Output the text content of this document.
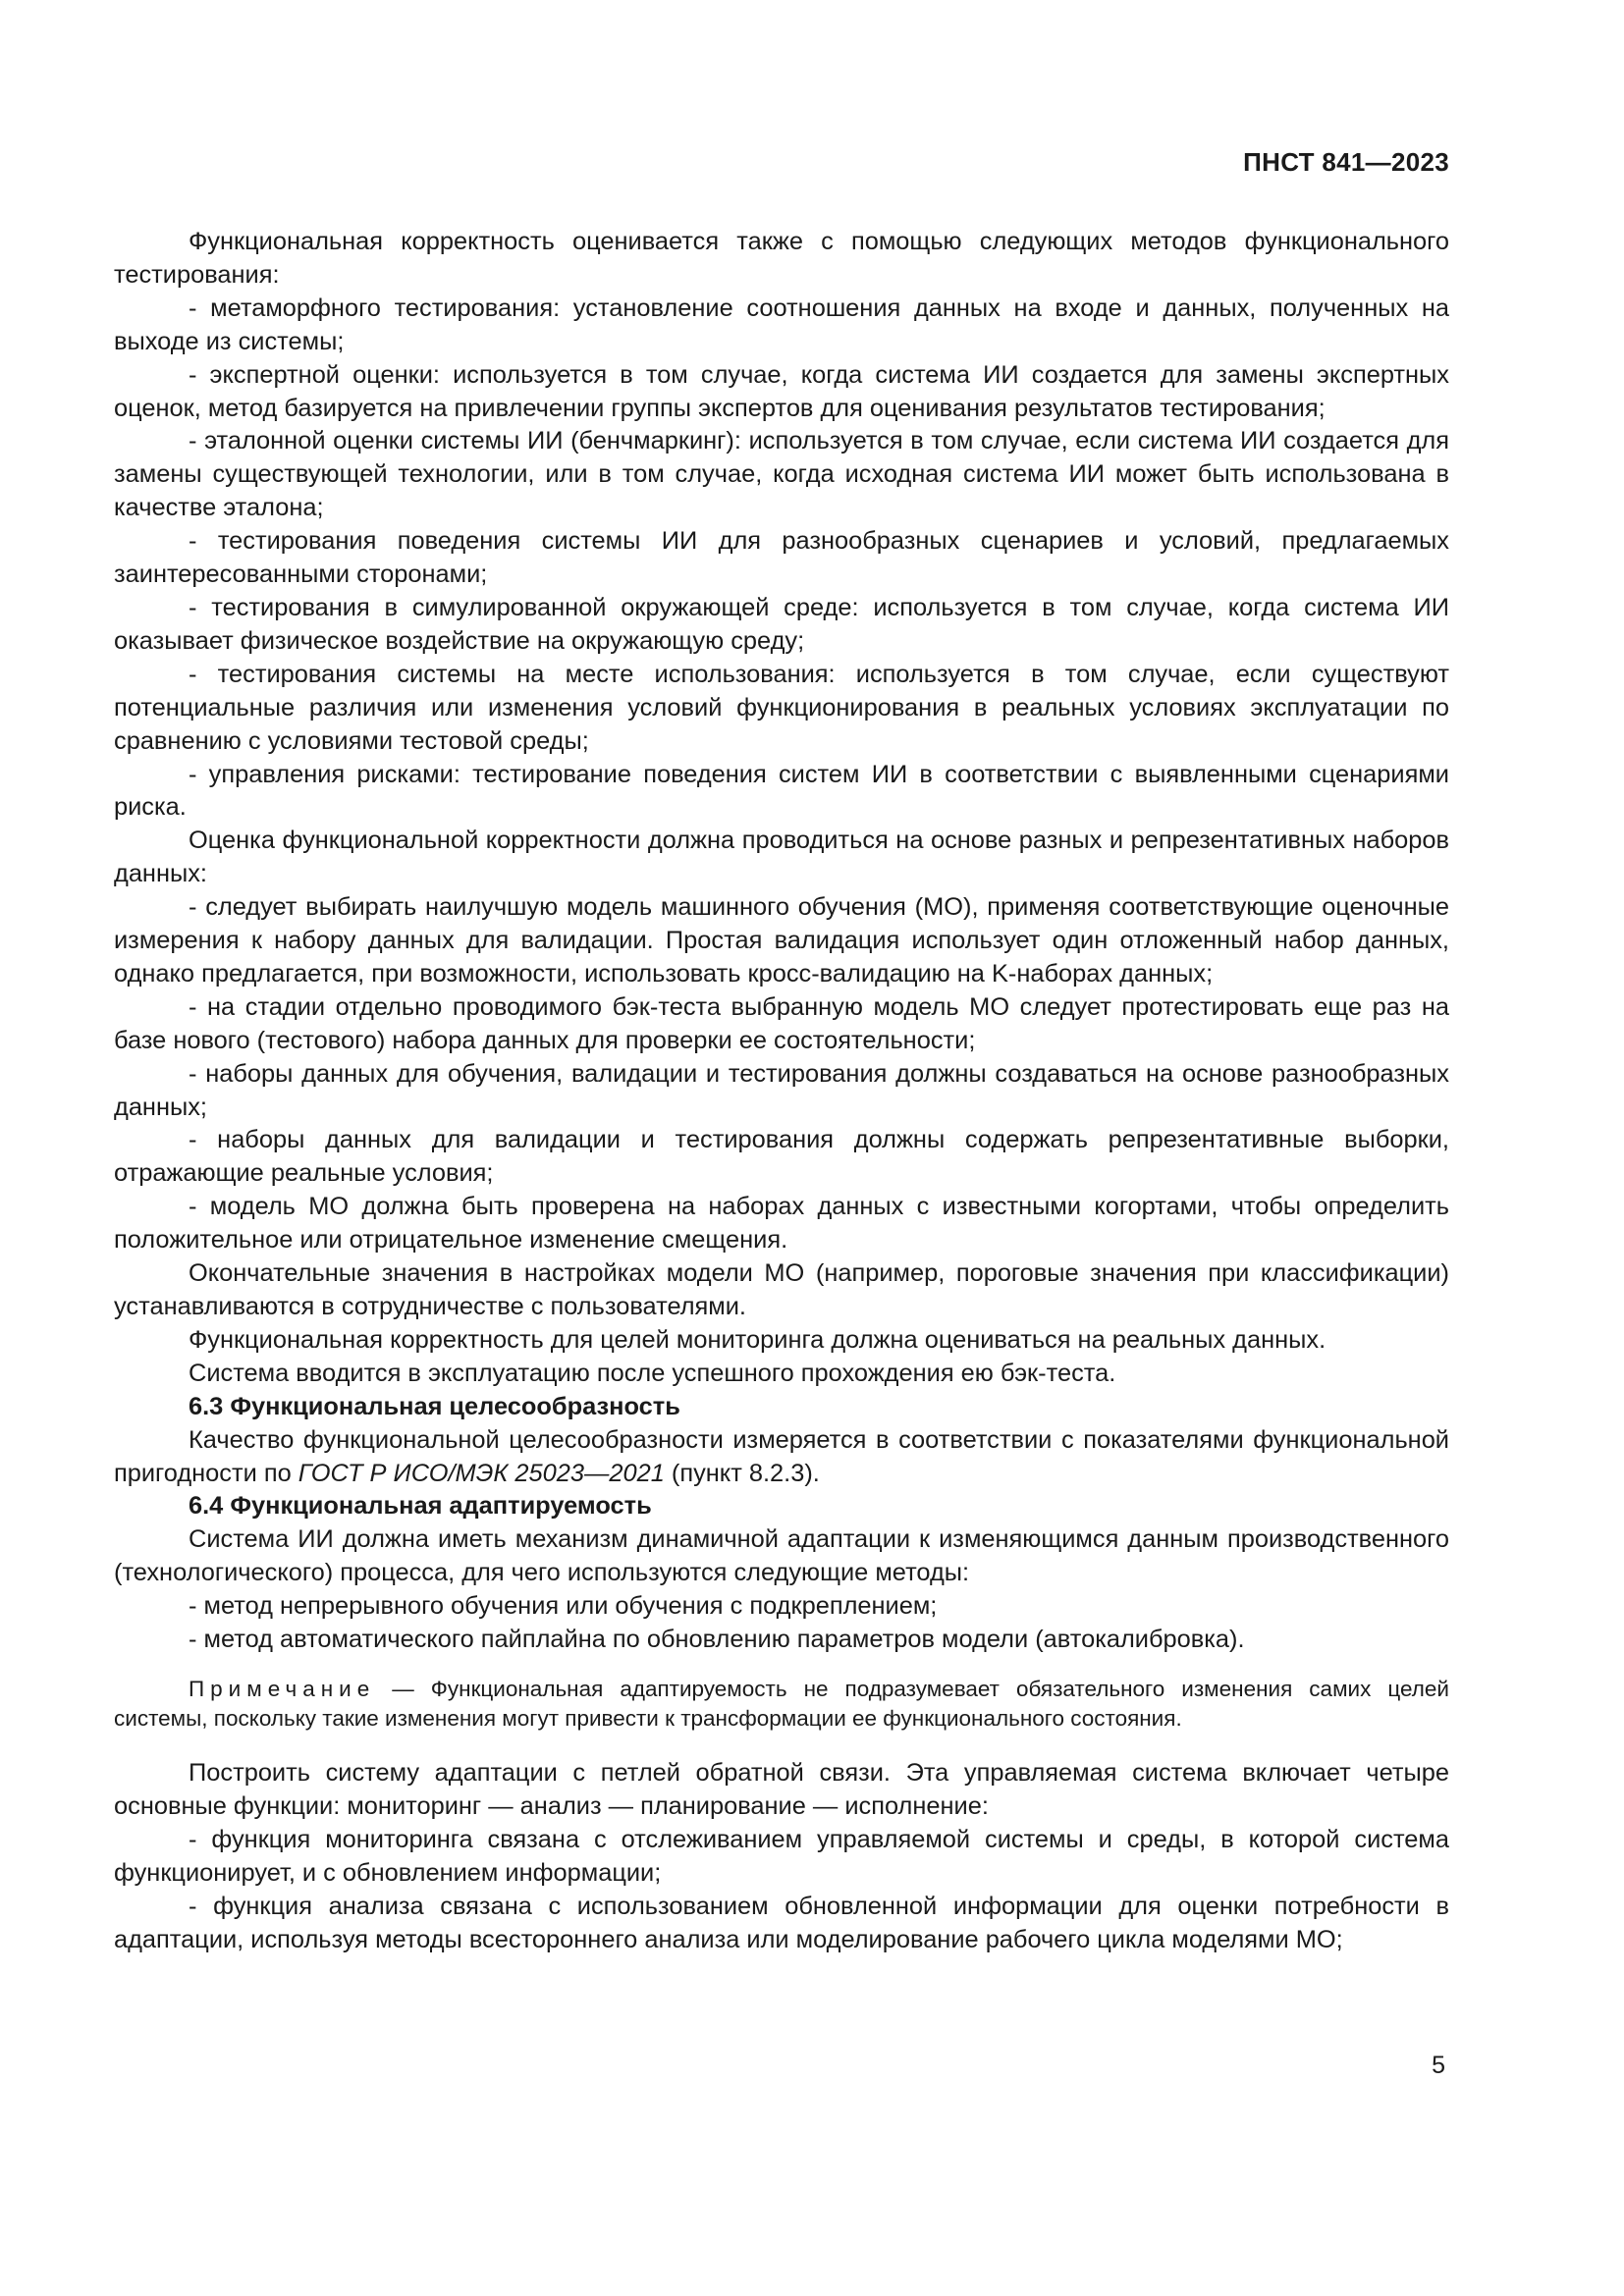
ПНСТ 841—2023

Функциональная корректность оценивается также с помощью следующих методов функционального тестирования:

- метаморфного тестирования: установление соотношения данных на входе и данных, полученных на выходе из системы;

- экспертной оценки: используется в том случае, когда система ИИ создается для замены экспертных оценок, метод базируется на привлечении группы экспертов для оценивания результатов тестирования;

- эталонной оценки системы ИИ (бенчмаркинг): используется в том случае, если система ИИ создается для замены существующей технологии, или в том случае, когда исходная система ИИ может быть использована в качестве эталона;

- тестирования поведения системы ИИ для разнообразных сценариев и условий, предлагаемых заинтересованными сторонами;

- тестирования в симулированной окружающей среде: используется в том случае, когда система ИИ оказывает физическое воздействие на окружающую среду;

- тестирования системы на месте использования: используется в том случае, если существуют потенциальные различия или изменения условий функционирования в реальных условиях эксплуатации по сравнению с условиями тестовой среды;

- управления рисками: тестирование поведения систем ИИ в соответствии с выявленными сценариями риска.

Оценка функциональной корректности должна проводиться на основе разных и репрезентативных наборов данных:

- следует выбирать наилучшую модель машинного обучения (МО), применяя соответствующие оценочные измерения к набору данных для валидации. Простая валидация использует один отложенный набор данных, однако предлагается, при возможности, использовать кросс-валидацию на K-наборах данных;

- на стадии отдельно проводимого бэк-теста выбранную модель МО следует протестировать еще раз на базе нового (тестового) набора данных для проверки ее состоятельности;

- наборы данных для обучения, валидации и тестирования должны создаваться на основе разнообразных данных;

- наборы данных для валидации и тестирования должны содержать репрезентативные выборки, отражающие реальные условия;

- модель МО должна быть проверена на наборах данных с известными когортами, чтобы определить положительное или отрицательное изменение смещения.

Окончательные значения в настройках модели МО (например, пороговые значения при классификации) устанавливаются в сотрудничестве с пользователями.

Функциональная корректность для целей мониторинга должна оцениваться на реальных данных.

Система вводится в эксплуатацию после успешного прохождения ею бэк-теста.

6.3 Функциональная целесообразность

Качество функциональной целесообразности измеряется в соответствии с показателями функциональной пригодности по ГОСТ Р ИСО/МЭК 25023—2021 (пункт 8.2.3).

6.4 Функциональная адаптируемость

Система ИИ должна иметь механизм динамичной адаптации к изменяющимся данным производственного (технологического) процесса, для чего используются следующие методы:

- метод непрерывного обучения или обучения с подкреплением;

- метод автоматического пайплайна по обновлению параметров модели (автокалибровка).

Примечание — Функциональная адаптируемость не подразумевает обязательного изменения самих целей системы, поскольку такие изменения могут привести к трансформации ее функционального состояния.

Построить систему адаптации с петлей обратной связи. Эта управляемая система включает четыре основные функции: мониторинг — анализ — планирование — исполнение:

- функция мониторинга связана с отслеживанием управляемой системы и среды, в которой система функционирует, и с обновлением информации;

- функция анализа связана с использованием обновленной информации для оценки потребности в адаптации, используя методы всестороннего анализа или моделирование рабочего цикла моделями МО;

5
